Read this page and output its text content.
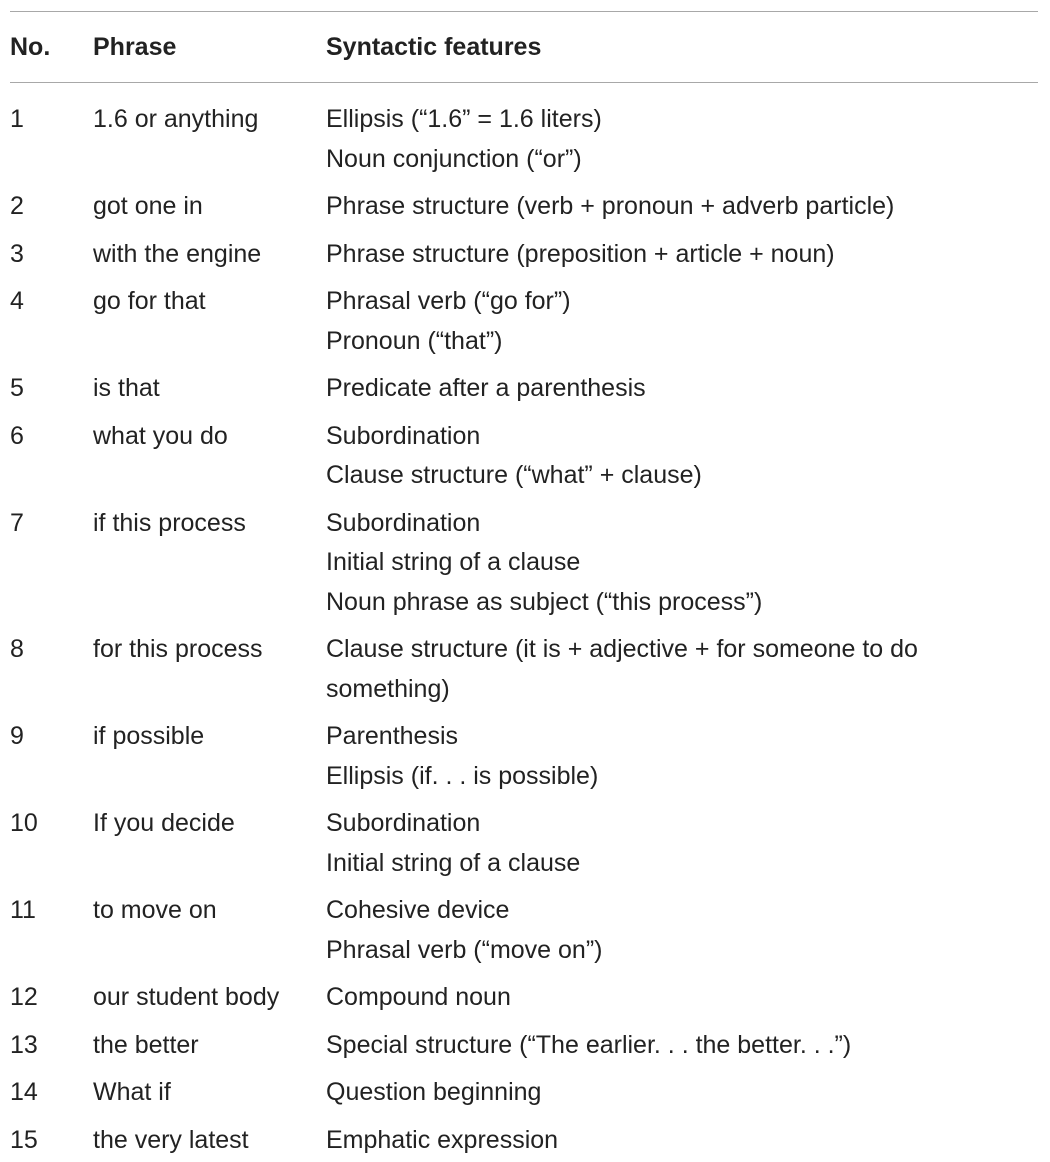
No.	Phrase	Syntactic features
1	1.6 or anything	Ellipsis (“1.6” = 1.6 liters)
Noun conjunction (“or”)

2	got one in	Phrase structure (verb + pronoun + adverb particle)

3	with the engine	Phrase structure (preposition + article + noun)

4	go for that	Phrasal verb (“go for”)
Pronoun (“that”)

5	is that	Predicate after a parenthesis

6	what you do	Subordination
Clause structure (“what” + clause)

7	if this process	Subordination
Initial string of a clause
Noun phrase as subject (“this process”)

8	for this process	Clause structure (it is + adjective + for someone to do something)

9	if possible	Parenthesis
Ellipsis (if. . . is possible)

10	If you decide	Subordination
Initial string of a clause

11	to move on	Cohesive device
Phrasal verb (“move on”)

12	our student body	Compound noun

13	the better	Special structure (“The earlier. . . the better. . .”)

14	What if	Question beginning

15	the very latest	Emphatic expression
